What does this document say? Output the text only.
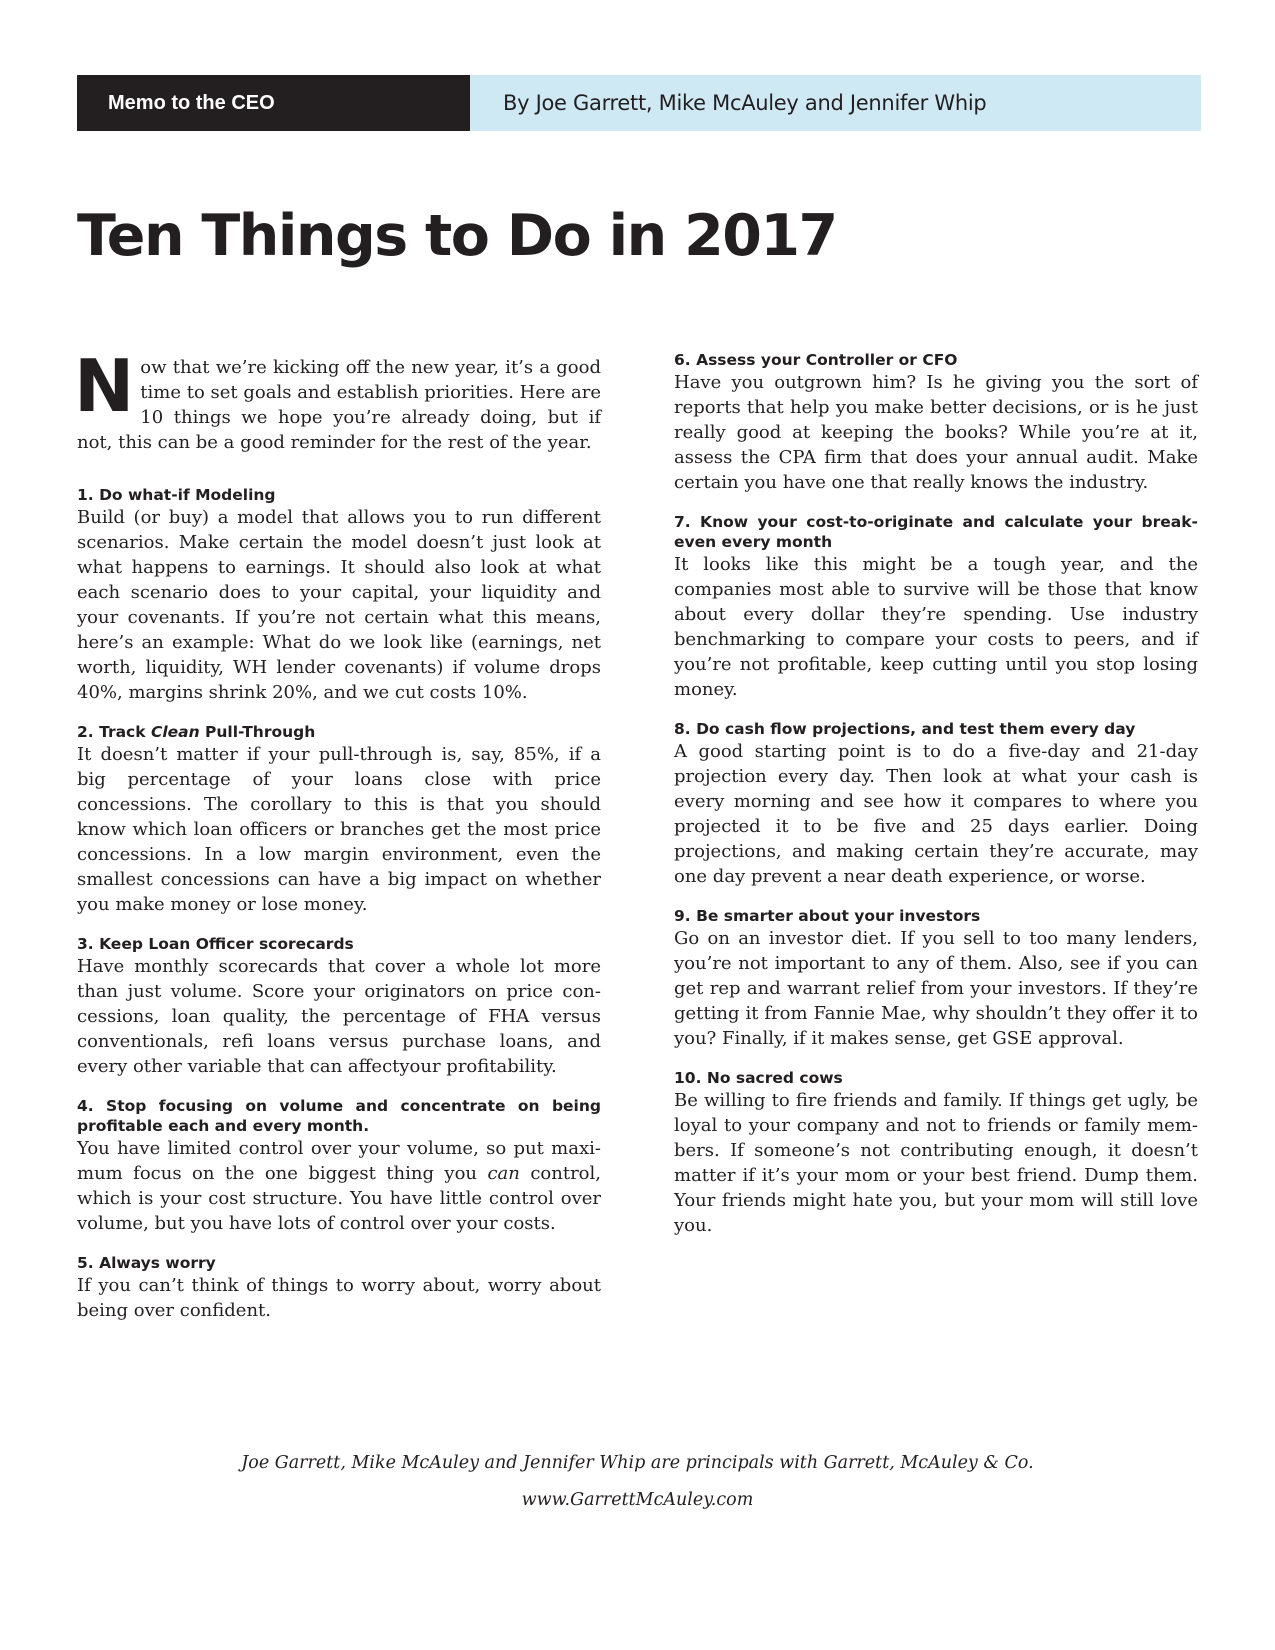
Memo to the CEO	By Joe Garrett, Mike McAuley and Jennifer Whip
Ten Things to Do in 2017

Now that we’re kicking off the new year, it’s a good time to set goals and establish priorities. Here are 10 things we hope you’re already doing, but if not, this can be a good reminder for the rest of the year.

1. Do what-if Modeling

Build (or buy) a model that allows you to run different scenarios. Make certain the model doesn’t just look at what happens to earnings. It should also look at what each scenario does to your capital, your liquidity and your covenants. If you’re not certain what this means, here’s an example: What do we look like (earnings, net worth, liquidity, WH lender covenants) if volume drops 40%, margins shrink 20%, and we cut costs 10%.

2. Track Clean Pull-Through

It doesn’t matter if your pull-through is, say, 85%, if a big percentage of your loans close with price concessions. The corollary to this is that you should know which loan officers or branches get the most price concessions. In a low margin environment, even the smallest concessions can have a big impact on whether you make money or lose money.

3. Keep Loan Officer scorecards

Have monthly scorecards that cover a whole lot more than just volume. Score your originators on price concessions, loan quality, the percentage of FHA versus conventionals, refi loans versus purchase loans, and every other variable that can affectyour profitability.

4. Stop focusing on volume and concentrate on being profitable each and every month.

You have limited control over your volume, so put maximum focus on the one biggest thing you can control, which is your cost structure. You have little control over volume, but you have lots of control over your costs.

5. Always worry

If you can’t think of things to worry about, worry about being over confident.

6. Assess your Controller or CFO

Have you outgrown him? Is he giving you the sort of reports that help you make better decisions, or is he just really good at keeping the books? While you’re at it, assess the CPA firm that does your annual audit. Make certain you have one that really knows the industry.

7. Know your cost-to-originate and calculate your break-even every month

It looks like this might be a tough year, and the companies most able to survive will be those that know about every dollar they’re spending. Use industry benchmarking to compare your costs to peers, and if you’re not profitable, keep cutting until you stop losing money.

8. Do cash flow projections, and test them every day

A good starting point is to do a five-day and 21-day projection every day. Then look at what your cash is every morning and see how it compares to where you projected it to be five and 25 days earlier. Doing projections, and making certain they’re accurate, may one day prevent a near death experience, or worse.

9. Be smarter about your investors

Go on an investor diet. If you sell to too many lenders, you’re not important to any of them. Also, see if you can get rep and warrant relief from your investors. If they’re getting it from Fannie Mae, why shouldn’t they offer it to you? Finally, if it makes sense, get GSE approval.

10. No sacred cows

Be willing to fire friends and family. If things get ugly, be loyal to your company and not to friends or family members. If someone’s not contributing enough, it doesn’t matter if it’s your mom or your best friend. Dump them. Your friends might hate you, but your mom will still love you.

Joe Garrett, Mike McAuley and Jennifer Whip are principals with Garrett, McAuley & Co.
www.GarrettMcAuley.com
